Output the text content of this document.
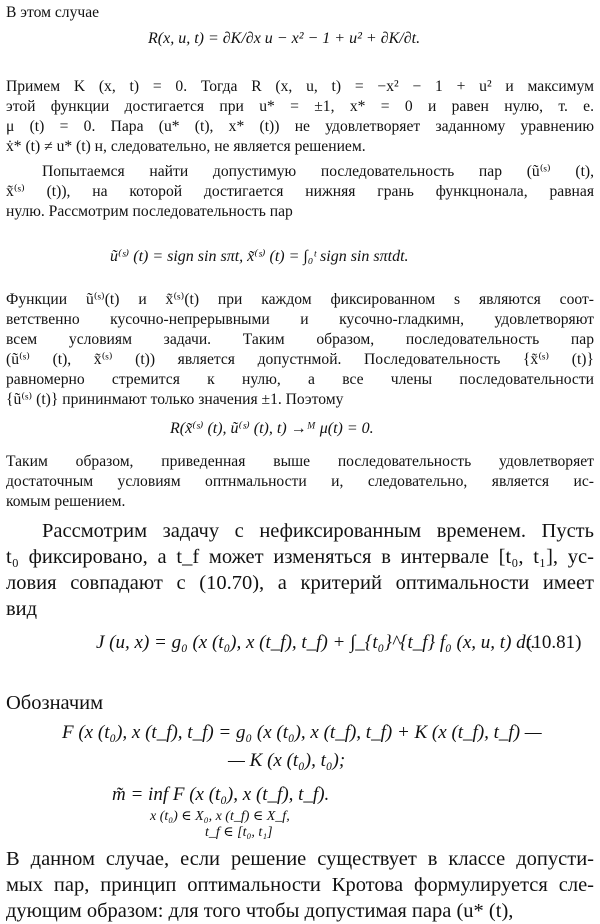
В этом случае
R(x, u, t) = ∂K/∂x u − x² − 1 + u² + ∂K/∂t.
Примем K (x, t) = 0. Тогда R (x, u, t) = −x² − 1 + u² и максимум
этой функции достигается при u* = ±1, x* = 0 и равен нулю, т. е.
μ (t) = 0. Пара (u* (t), x* (t)) не удовлетворяет заданному уравнению
ẋ* (t) ≠ u* (t) н, следовательно, не является решением.
Попытаемся найти допустимую последовательность пар (ũ⁽ˢ⁾ (t),
x̃⁽ˢ⁾ (t)), на которой достигается нижняя грань функцнонала, равная
нулю. Рассмотрим последовательность пар
ũ⁽ˢ⁾ (t) = sign sin sπt, x̃⁽ˢ⁾ (t) = ∫₀ᵗ sign sin sπtdt.
Функции ũ⁽ˢ⁾(t) и x̃⁽ˢ⁾(t) при каждом фиксированном s являются соот-
ветственно кусочно-непрерывными и кусочно-гладкимн, удовлетворяют
всем условиям задачи. Таким образом, последовательность пар
(ũ⁽ˢ⁾ (t), x̃⁽ˢ⁾ (t)) является допустнмой. Последовательность {x̃⁽ˢ⁾ (t)}
равномерно стремится к нулю, а все члены последовательности
{ũ⁽ˢ⁾ (t)} прининмают только значения ±1. Поэтому
R(x̃⁽ˢ⁾ (t), ũ⁽ˢ⁾ (t), t) →ᴹ μ(t) = 0.
Таким образом, приведенная выше последовательность удовлетворяет
достаточным условиям оптнмальности и, следовательно, является ис-
комым решением.
Рассмотрим задачу с нефиксированным временем. Пусть
t₀ фиксировано, а t_f может изменяться в интервале [t₀, t₁], ус-
ловия совпадают с (10.70), а критерий оптимальности имеет
вид
J (u, x) = g₀ (x (t₀), x (t_f), t_f) + ∫_{t₀}^{t_f} f₀ (x, u, t) dt.
(10.81)
Обозначим
F (x (t₀), x (t_f), t_f) = g₀ (x (t₀), x (t_f), t_f) + K (x (t_f), t_f) —
— K (x (t₀), t₀);
m̃ = inf F (x (t₀), x (t_f), t_f).
x (t₀) ∈ X₀, x (t_f) ∈ X_f,
t_f ∈ [t₀, t₁]
В данном случае, если решение существует в классе допусти-
мых пар, принцип оптимальности Кротова формулируется сле-
дующим образом: для того чтобы допустимая пара (u* (t),
